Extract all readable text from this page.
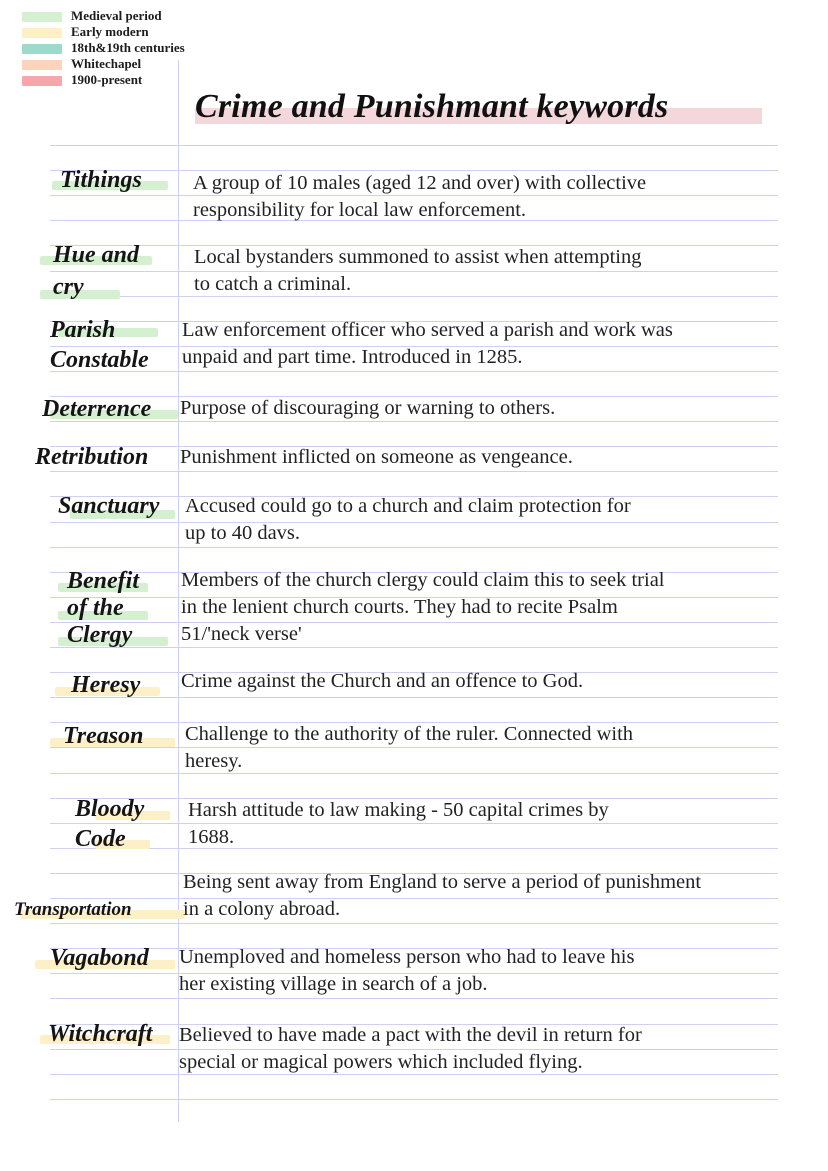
Medieval period
Early modern
18th&19th centuries
Whitechapel
1900-present
Crime and Punishmant keywords
Tithings A group of 10 males (aged 12 and over) with collective
responsibility for local law enforcement.
Hue and
cry
Local bystanders summoned to assist when attempting
to catch a criminal.
Parish
Constable
Law enforcement officer who served a parish and work was
unpaid and part time. Introduced in 1285.
Deterrence Purpose of discouraging or warning to others.
Retribution Punishment inflicted on someone as vengeance.
Sanctuary Accused could go to a church and claim protection for
up to 40 davs.
Benefit
of the
Clergy
Members of the church clergy could claim this to seek trial
in the lenient church courts. They had to recite Psalm
51/'neck verse'
Heresy Crime against the Church and an offence to God.
Treason Challenge to the authority of the ruler. Connected with
heresy.
Bloody
Code
Harsh attitude to law making - 50 capital crimes by
1688.
Transportation
Being sent away from England to serve a period of punishment
in a colony abroad.
Vagabond Unemploved and homeless person who had to leave his
her existing village in search of a job.
Witchcraft Believed to have made a pact with the devil in return for
special or magical powers which included flying.
